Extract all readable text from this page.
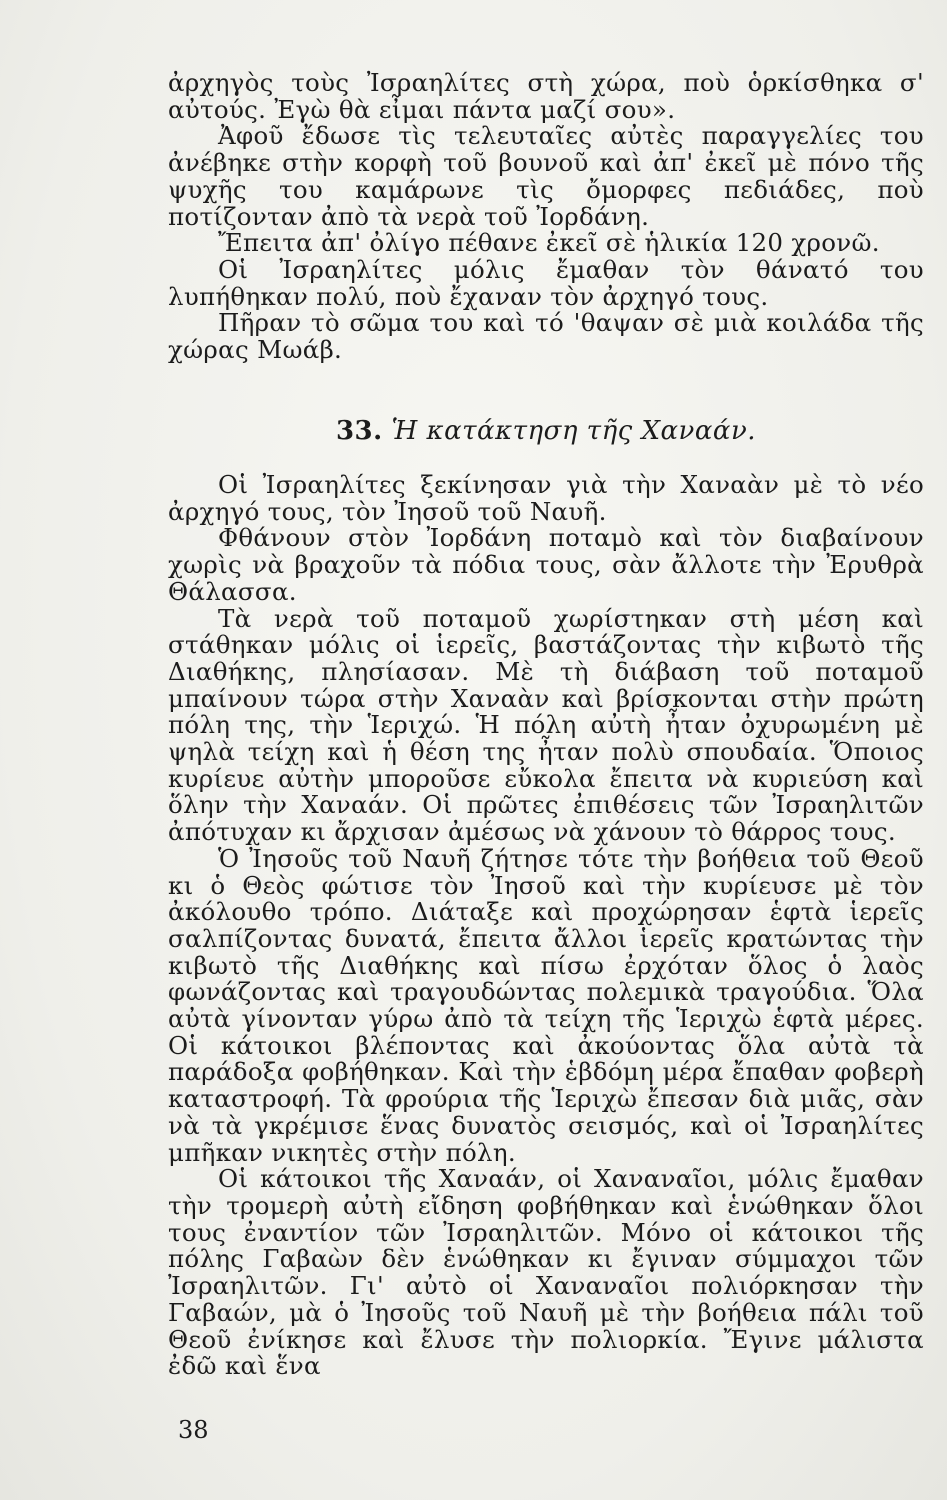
ἀρχηγὸς τοὺς Ἰσραηλίτες στὴ χώρα, ποὺ ὁρκίσθηκα σ' αὐτούς. Ἐγὼ θὰ εἶμαι πάντα μαζί σου».

Ἀφοῦ ἔδωσε τὶς τελευταῖες αὐτὲς παραγγελίες του ἀνέβηκε στὴν κορφὴ τοῦ βουνοῦ καὶ ἀπ' ἐκεῖ μὲ πόνο τῆς ψυχῆς του καμάρωνε τὶς ὄμορφες πεδιάδες, ποὺ ποτίζονταν ἀπὸ τὰ νερὰ τοῦ Ἰορδάνη.

Ἔπειτα ἀπ' ὀλίγο πέθανε ἐκεῖ σὲ ἡλικία 120 χρονῶ.

Οἱ Ἰσραηλίτες μόλις ἔμαθαν τὸν θάνατό του λυπήθηκαν πολύ, ποὺ ἔχαναν τὸν ἀρχηγό τους.

Πῆραν τὸ σῶμα του καὶ τό 'θαψαν σὲ μιὰ κοιλάδα τῆς χώρας Μωάβ.

33. Ἡ κατάκτηση τῆς Χαναάν.

Οἱ Ἰσραηλίτες ξεκίνησαν γιὰ τὴν Χαναὰν μὲ τὸ νέο ἀρχηγό τους, τὸν Ἰησοῦ τοῦ Ναυῆ.

Φθάνουν στὸν Ἰορδάνη ποταμὸ καὶ τὸν διαβαίνουν χωρὶς νὰ βραχοῦν τὰ πόδια τους, σὰν ἄλλοτε τὴν Ἐρυθρὰ Θάλασσα.

Τὰ νερὰ τοῦ ποταμοῦ χωρίστηκαν στὴ μέση καὶ στάθηκαν μόλις οἱ ἱερεῖς, βαστάζοντας τὴν κιβωτὸ τῆς Διαθήκης, πλησίασαν. Μὲ τὴ διάβαση τοῦ ποταμοῦ μπαίνουν τώρα στὴν Χαναὰν καὶ βρίσκονται στὴν πρώτη πόλη της, τὴν Ἱεριχώ. Ἡ πόλη αὐτὴ ἦταν ὀχυρωμένη μὲ ψηλὰ τείχη καὶ ἡ θέση της ἦταν πολὺ σπουδαία. Ὅποιος κυρίευε αὐτὴν μποροῦσε εὔκολα ἔπειτα νὰ κυριεύση καὶ ὅλην τὴν Χαναάν. Οἱ πρῶτες ἐπιθέσεις τῶν Ἰσραηλιτῶν ἀπότυχαν κι ἄρχισαν ἀμέσως νὰ χάνουν τὸ θάρρος τους.

Ὁ Ἰησοῦς τοῦ Ναυῆ ζήτησε τότε τὴν βοήθεια τοῦ Θεοῦ κι ὁ Θεὸς φώτισε τὸν Ἰησοῦ καὶ τὴν κυρίευσε μὲ τὸν ἀκόλουθο τρόπο. Διάταξε καὶ προχώρησαν ἑφτὰ ἱερεῖς σαλπίζοντας δυνατά, ἔπειτα ἄλλοι ἱερεῖς κρατώντας τὴν κιβωτὸ τῆς Διαθήκης καὶ πίσω ἐρχόταν ὅλος ὁ λαὸς φωνάζοντας καὶ τραγουδώντας πολεμικὰ τραγούδια. Ὅλα αὐτὰ γίνονταν γύρω ἀπὸ τὰ τείχη τῆς Ἱεριχὼ ἑφτὰ μέρες. Οἱ κάτοικοι βλέποντας καὶ ἀκούοντας ὅλα αὐτὰ τὰ παράδοξα φοβήθηκαν. Καὶ τὴν ἑβδόμη μέρα ἔπαθαν φοβερὴ καταστροφή. Τὰ φρούρια τῆς Ἱεριχὼ ἔπεσαν διὰ μιᾶς, σὰν νὰ τὰ γκρέμισε ἕνας δυνατὸς σεισμός, καὶ οἱ Ἰσραηλίτες μπῆκαν νικητὲς στὴν πόλη.

Οἱ κάτοικοι τῆς Χαναάν, οἱ Χαναναῖοι, μόλις ἔμαθαν τὴν τρομερὴ αὐτὴ εἴδηση φοβήθηκαν καὶ ἑνώθηκαν ὅλοι τους ἐναντίον τῶν Ἰσραηλιτῶν. Μόνο οἱ κάτοικοι τῆς πόλης Γαβαὼν δὲν ἑνώθηκαν κι ἔγιναν σύμμαχοι τῶν Ἰσραηλιτῶν. Γι' αὐτὸ οἱ Χαναναῖοι πολιόρκησαν τὴν Γαβαών, μὰ ὁ Ἰησοῦς τοῦ Ναυῆ μὲ τὴν βοήθεια πάλι τοῦ Θεοῦ ἐνίκησε καὶ ἔλυσε τὴν πολιορκία. Ἔγινε μάλιστα ἐδῶ καὶ ἕνα

38
